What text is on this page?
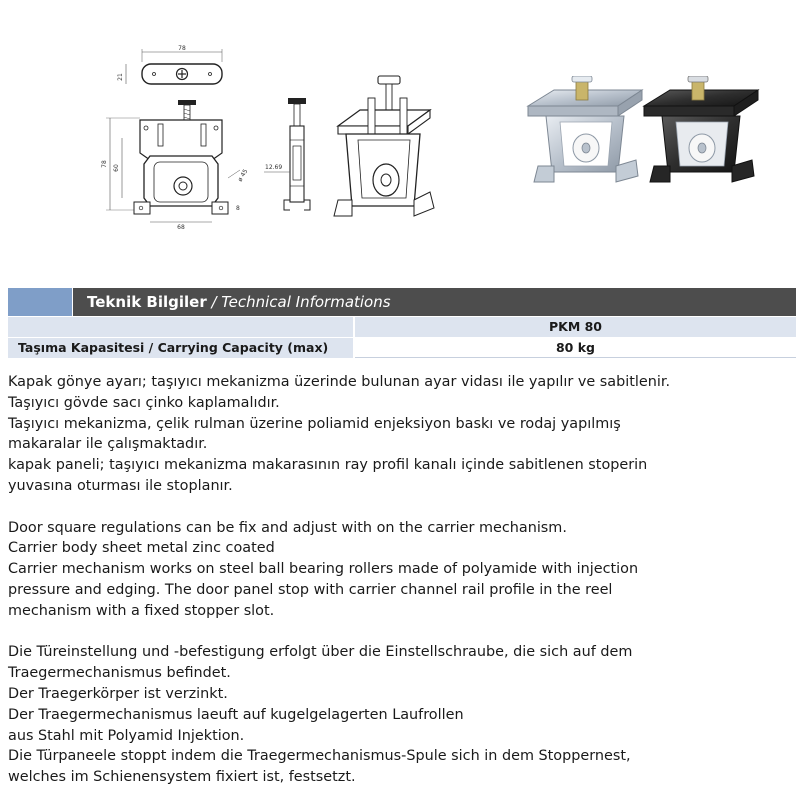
78
21
78
60
68
ø 45
8
12.69
Teknik Bilgiler / Technical Informations
PKM 80
Taşıma Kapasitesi / Carrying Capacity (max)	80 kg

Kapak gönye ayarı; taşıyıcı mekanizma üzerinde bulunan ayar vidası ile yapılır ve sabitlenir.

Taşıyıcı gövde sacı çinko kaplamalıdır.

Taşıyıcı mekanizma, çelik rulman üzerine poliamid enjeksiyon baskı ve rodaj yapılmış

makaralar ile çalışmaktadır.

kapak paneli; taşıyıcı mekanizma makarasının ray profil kanalı içinde sabitlenen stoperin

yuvasına oturması ile stoplanır.

Door square regulations can be fix and adjust with on the carrier mechanism.

Carrier body sheet metal zinc coated

Carrier mechanism works on steel ball bearing rollers made of polyamide with injection

pressure and edging. The door panel stop with carrier channel rail profile in the reel

mechanism with a fixed stopper slot.

Die Türeinstellung und -befestigung erfolgt über die Einstellschraube, die sich auf dem

Traegermechanismus befindet.

Der Traegerkörper ist verzinkt.

Der Traegermechanismus laeuft auf kugelgelagerten Laufrollen

aus Stahl mit Polyamid Injektion.

Die Türpaneele stoppt indem die Traegermechanismus-Spule sich in dem Stoppernest,

welches im Schienensystem fixiert ist, festsetzt.
